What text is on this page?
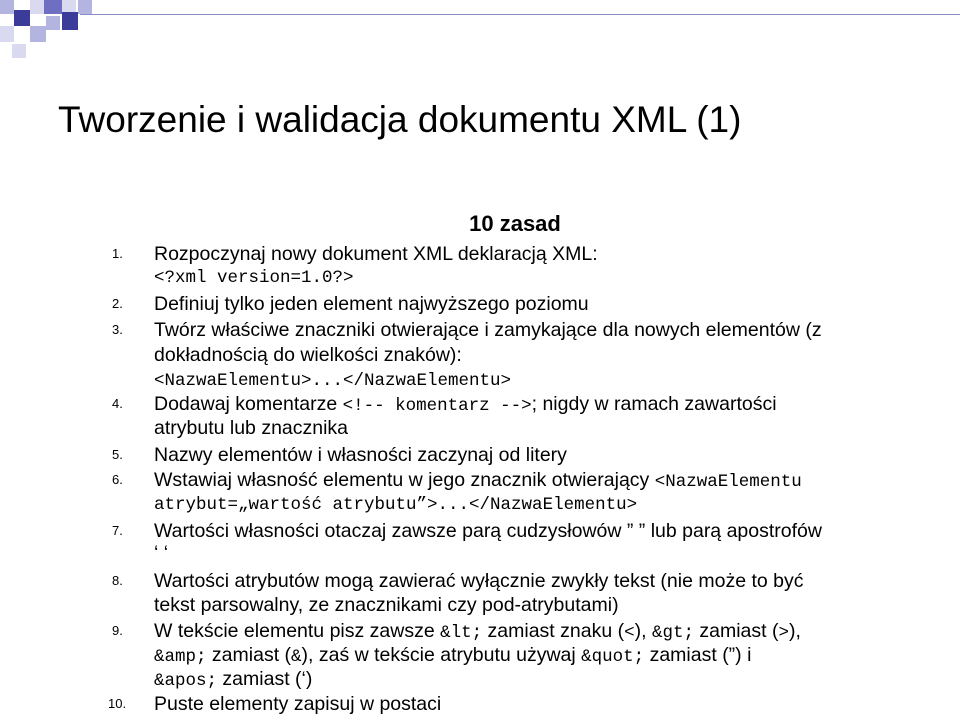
Tworzenie i walidacja dokumentu XML (1)
10 zasad
1. Rozpoczynaj nowy dokument XML deklaracją XML:
<?xml version=1.0?>
2. Definiuj tylko jeden element najwyższego poziomu
3. Twórz właściwe znaczniki otwierające i zamykające dla nowych elementów (z
dokładnością do wielkości znaków):
<NazwaElementu>...</NazwaElementu>
4. Dodawaj komentarze <!-- komentarz -->; nigdy w ramach zawartości
atrybutu lub znacznika
5. Nazwy elementów i własności zaczynaj od litery
6. Wstawiaj własność elementu w jego znacznik otwierający <NazwaElementu
atrybut=„wartość atrybutu”>...</NazwaElementu>
7. Wartości własności otaczaj zawsze parą cudzysłowów ” ” lub parą apostrofów
‘ ‘
8. Wartości atrybutów mogą zawierać wyłącznie zwykły tekst (nie może to być
tekst parsowalny, ze znacznikami czy pod-atrybutami)
9. W tekście elementu pisz zawsze &lt; zamiast znaku (<), &gt; zamiast (>),
&amp; zamiast (&), zaś w tekście atrybutu używaj &quot; zamiast (”) i
&apos; zamiast (‘)
10. Puste elementy zapisuj w postaci
